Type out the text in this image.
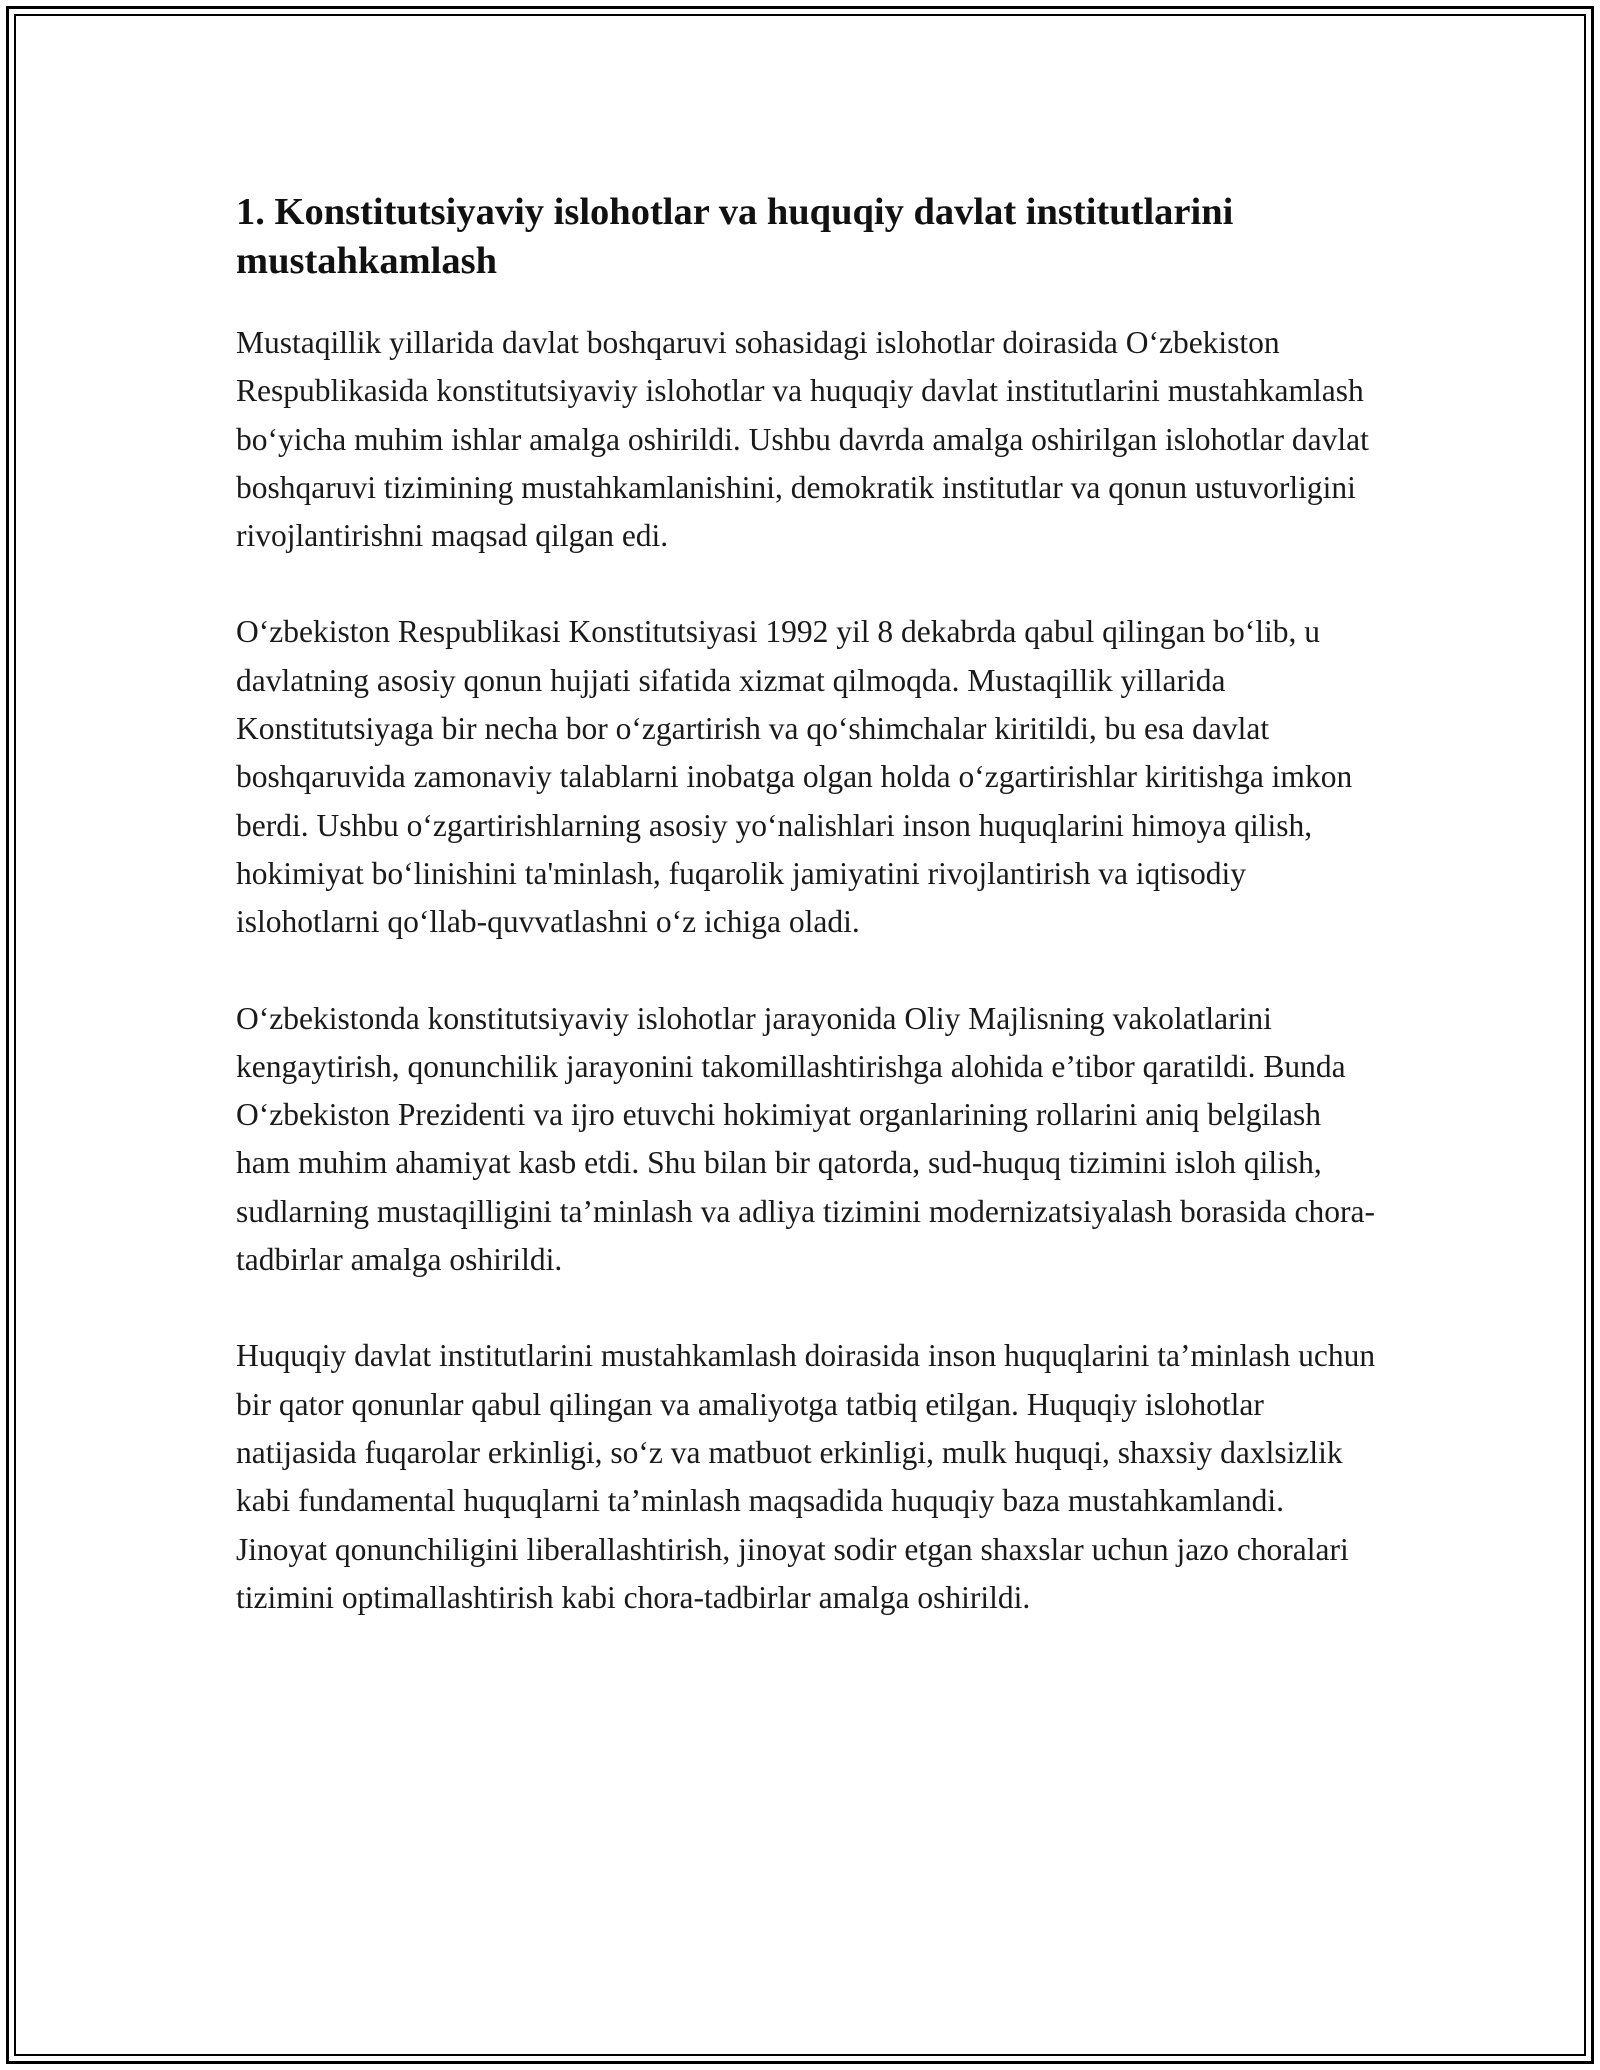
1. Konstitutsiyaviy islohotlar va huquqiy davlat institutlarini mustahkamlash

Mustaqillik yillarida davlat boshqaruvi sohasidagi islohotlar doirasida O‘zbekiston Respublikasida konstitutsiyaviy islohotlar va huquqiy davlat institutlarini mustahkamlash bo‘yicha muhim ishlar amalga oshirildi. Ushbu davrda amalga oshirilgan islohotlar davlat boshqaruvi tizimining mustahkamlanishini, demokratik institutlar va qonun ustuvorligini rivojlantirishni maqsad qilgan edi.

O‘zbekiston Respublikasi Konstitutsiyasi 1992 yil 8 dekabrda qabul qilingan bo‘lib, u davlatning asosiy qonun hujjati sifatida xizmat qilmoqda. Mustaqillik yillarida Konstitutsiyaga bir necha bor o‘zgartirish va qo‘shimchalar kiritildi, bu esa davlat boshqaruvida zamonaviy talablarni inobatga olgan holda o‘zgartirishlar kiritishga imkon berdi. Ushbu o‘zgartirishlarning asosiy yo‘nalishlari inson huquqlarini himoya qilish, hokimiyat bo‘linishini ta'minlash, fuqarolik jamiyatini rivojlantirish va iqtisodiy islohotlarni qo‘llab-quvvatlashni o‘z ichiga oladi.

O‘zbekistonda konstitutsiyaviy islohotlar jarayonida Oliy Majlisning vakolatlarini kengaytirish, qonunchilik jarayonini takomillashtirishga alohida e’tibor qaratildi. Bunda O‘zbekiston Prezidenti va ijro etuvchi hokimiyat organlarining rollarini aniq belgilash ham muhim ahamiyat kasb etdi. Shu bilan bir qatorda, sud-huquq tizimini isloh qilish, sudlarning mustaqilligini ta’minlash va adliya tizimini modernizatsiyalash borasida chora-tadbirlar amalga oshirildi.

Huquqiy davlat institutlarini mustahkamlash doirasida inson huquqlarini ta’minlash uchun bir qator qonunlar qabul qilingan va amaliyotga tatbiq etilgan. Huquqiy islohotlar natijasida fuqarolar erkinligi, so‘z va matbuot erkinligi, mulk huquqi, shaxsiy daxlsizlik kabi fundamental huquqlarni ta’minlash maqsadida huquqiy baza mustahkamlandi. Jinoyat qonunchiligini liberallashtirish, jinoyat sodir etgan shaxslar uchun jazo choralari tizimini optimallashtirish kabi chora-tadbirlar amalga oshirildi.
